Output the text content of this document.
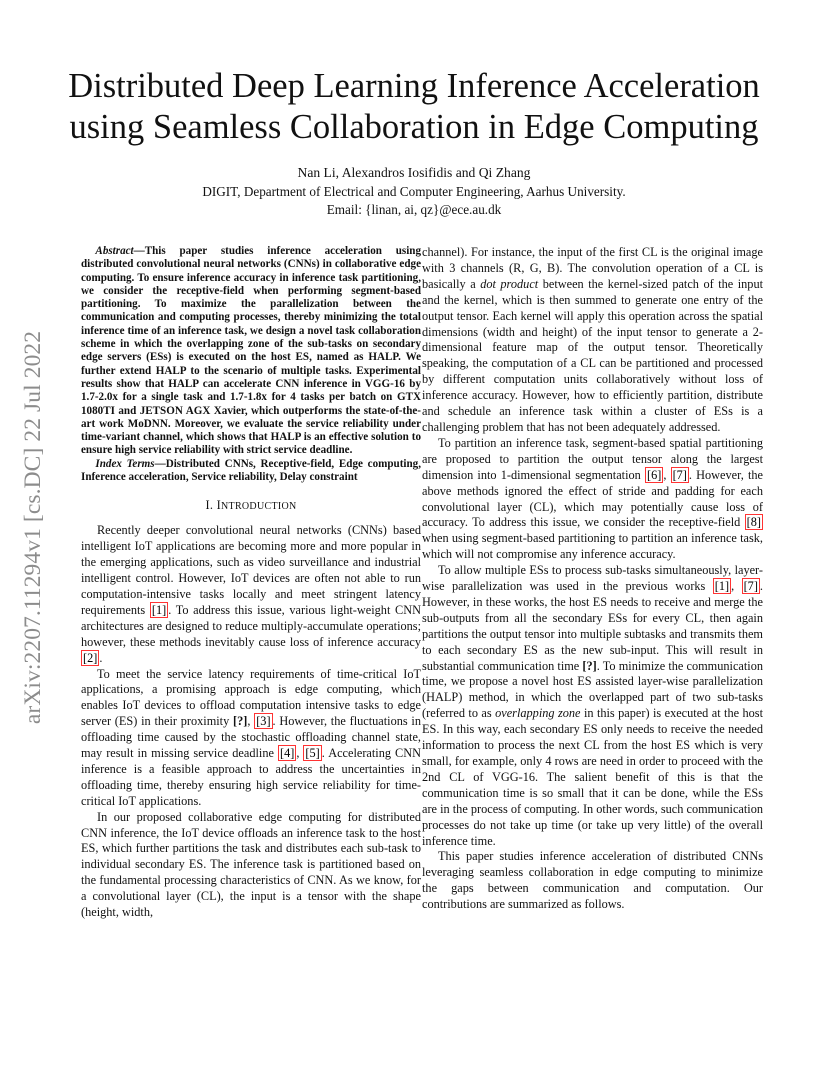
arXiv:2207.11294v1 [cs.DC] 22 Jul 2022
Distributed Deep Learning Inference Acceleration
using Seamless Collaboration in Edge Computing
Nan Li, Alexandros Iosifidis and Qi Zhang
DIGIT, Department of Electrical and Computer Engineering, Aarhus University.
Email: {linan, ai, qz}@ece.au.dk

Abstract—This paper studies inference acceleration using distributed convolutional neural networks (CNNs) in collaborative edge computing. To ensure inference accuracy in inference task partitioning, we consider the receptive-field when performing segment-based partitioning. To maximize the parallelization between the communication and computing processes, thereby minimizing the total inference time of an inference task, we design a novel task collaboration scheme in which the overlapping zone of the sub-tasks on secondary edge servers (ESs) is executed on the host ES, named as HALP. We further extend HALP to the scenario of multiple tasks. Experimental results show that HALP can accelerate CNN inference in VGG-16 by 1.7-2.0x for a single task and 1.7-1.8x for 4 tasks per batch on GTX 1080TI and JETSON AGX Xavier, which outperforms the state-of-the-art work MoDNN. Moreover, we evaluate the service reliability under time-variant channel, which shows that HALP is an effective solution to ensure high service reliability with strict service deadline.

Index Terms—Distributed CNNs, Receptive-field, Edge computing, Inference acceleration, Service reliability, Delay constraint

I. INTRODUCTION

Recently deeper convolutional neural networks (CNNs) based intelligent IoT applications are becoming more and more popular in the emerging applications, such as video surveillance and industrial intelligent control. However, IoT devices are often not able to run computation-intensive tasks locally and meet stringent latency requirements [1] . To address this issue, various light-weight CNN architectures are designed to reduce multiply-accumulate operations; however, these methods inevitably cause loss of inference accuracy [2] .

To meet the service latency requirements of time-critical IoT applications, a promising approach is edge computing, which enables IoT devices to offload computation intensive tasks to edge server (ES) in their proximity [?], [3] . However, the fluctuations in offloading time caused by the stochastic offloading channel state, may result in missing service deadline [4] , [5] . Accelerating CNN inference is a feasible approach to address the uncertainties in offloading time, thereby ensuring high service reliability for time-critical IoT applications.

In our proposed collaborative edge computing for distributed CNN inference, the IoT device offloads an inference task to the host ES, which further partitions the task and distributes each sub-task to individual secondary ES. The inference task is partitioned based on the fundamental processing characteristics of CNN. As we know, for a convolutional layer (CL), the input is a tensor with the shape (height, width,

channel). For instance, the input of the first CL is the original image with 3 channels (R, G, B). The convolution operation of a CL is basically a dot product between the kernel-sized patch of the input and the kernel, which is then summed to generate one entry of the output tensor. Each kernel will apply this operation across the spatial dimensions (width and height) of the input tensor to generate a 2-dimensional feature map of the output tensor. Theoretically speaking, the computation of a CL can be partitioned and processed by different computation units collaboratively without loss of inference accuracy. However, how to efficiently partition, distribute and schedule an inference task within a cluster of ESs is a challenging problem that has not been adequately addressed.

To partition an inference task, segment-based spatial partitioning are proposed to partition the output tensor along the largest dimension into 1-dimensional segmentation [6] , [7] . However, the above methods ignored the effect of stride and padding for each convolutional layer (CL), which may potentially cause loss of accuracy. To address this issue, we consider the receptive-field [8] when using segment-based partitioning to partition an inference task, which will not compromise any inference accuracy.

To allow multiple ESs to process sub-tasks simultaneously, layer-wise parallelization was used in the previous works [1] , [7] . However, in these works, the host ES needs to receive and merge the sub-outputs from all the secondary ESs for every CL, then again partitions the output tensor into multiple subtasks and transmits them to each secondary ES as the new sub-input. This will result in substantial communication time [?]. To minimize the communication time, we propose a novel host ES assisted layer-wise parallelization (HALP) method, in which the overlapped part of two sub-tasks (referred to as overlapping zone in this paper) is executed at the host ES. In this way, each secondary ES only needs to receive the needed information to process the next CL from the host ES which is very small, for example, only 4 rows are need in order to proceed with the 2nd CL of VGG-16. The salient benefit of this is that the communication time is so small that it can be done, while the ESs are in the process of computing. In other words, such communication processes do not take up time (or take up very little) of the overall inference time.

This paper studies inference acceleration of distributed CNNs leveraging seamless collaboration in edge computing to minimize the gaps between communication and computation. Our contributions are summarized as follows.
